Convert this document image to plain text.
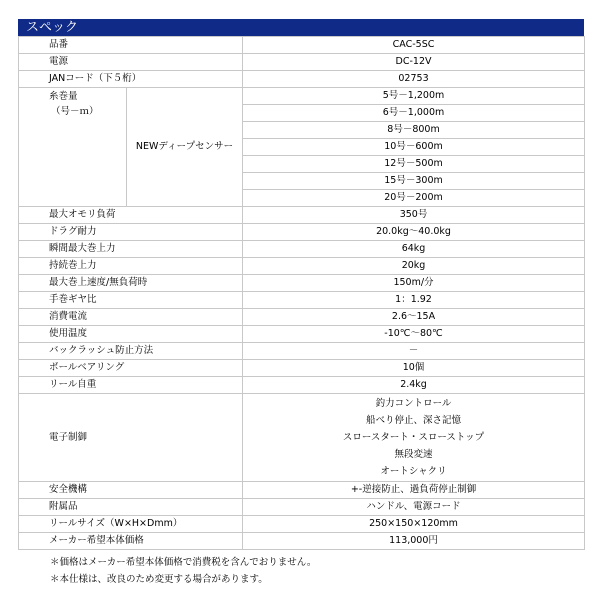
スペック
品番		CAC-5SC
電源		DC-12V
JANコード（下５桁）		02753

糸巻量
（号－ｍ）	NEWディープセンサー	5号－1,200m
		6号－1,000m
		8号－800m
		10号－600m
		12号－500m
		15号－300m
		20号－200m
最大オモリ負荷		350号
ドラグ耐力		20.0kg～40.0kg
瞬間最大巻上力		64kg
持続巻上力		20kg
最大巻上速度/無負荷時		150m/分
手巻ギヤ比		1：1.92
消費電流		2.6～15A
使用温度		-10℃～80℃
バックラッシュ防止方法		－
ボールベアリング		10個
リール自重		2.4kg
電子制御		釣力コントロール
船べり停止、深さ記憶
スロースタート・スローストップ
無段変速
オートシャクリ

安全機構		+-逆接防止、過負荷停止制御
附属品		ハンドル、電源コード
リールサイズ（W×H×Dmm）		250×150×120mm
メーカー希望本体価格		113,000円

＊価格はメーカー希望本体価格で消費税を含んでおりません。

＊本仕様は、改良のため変更する場合があります。
